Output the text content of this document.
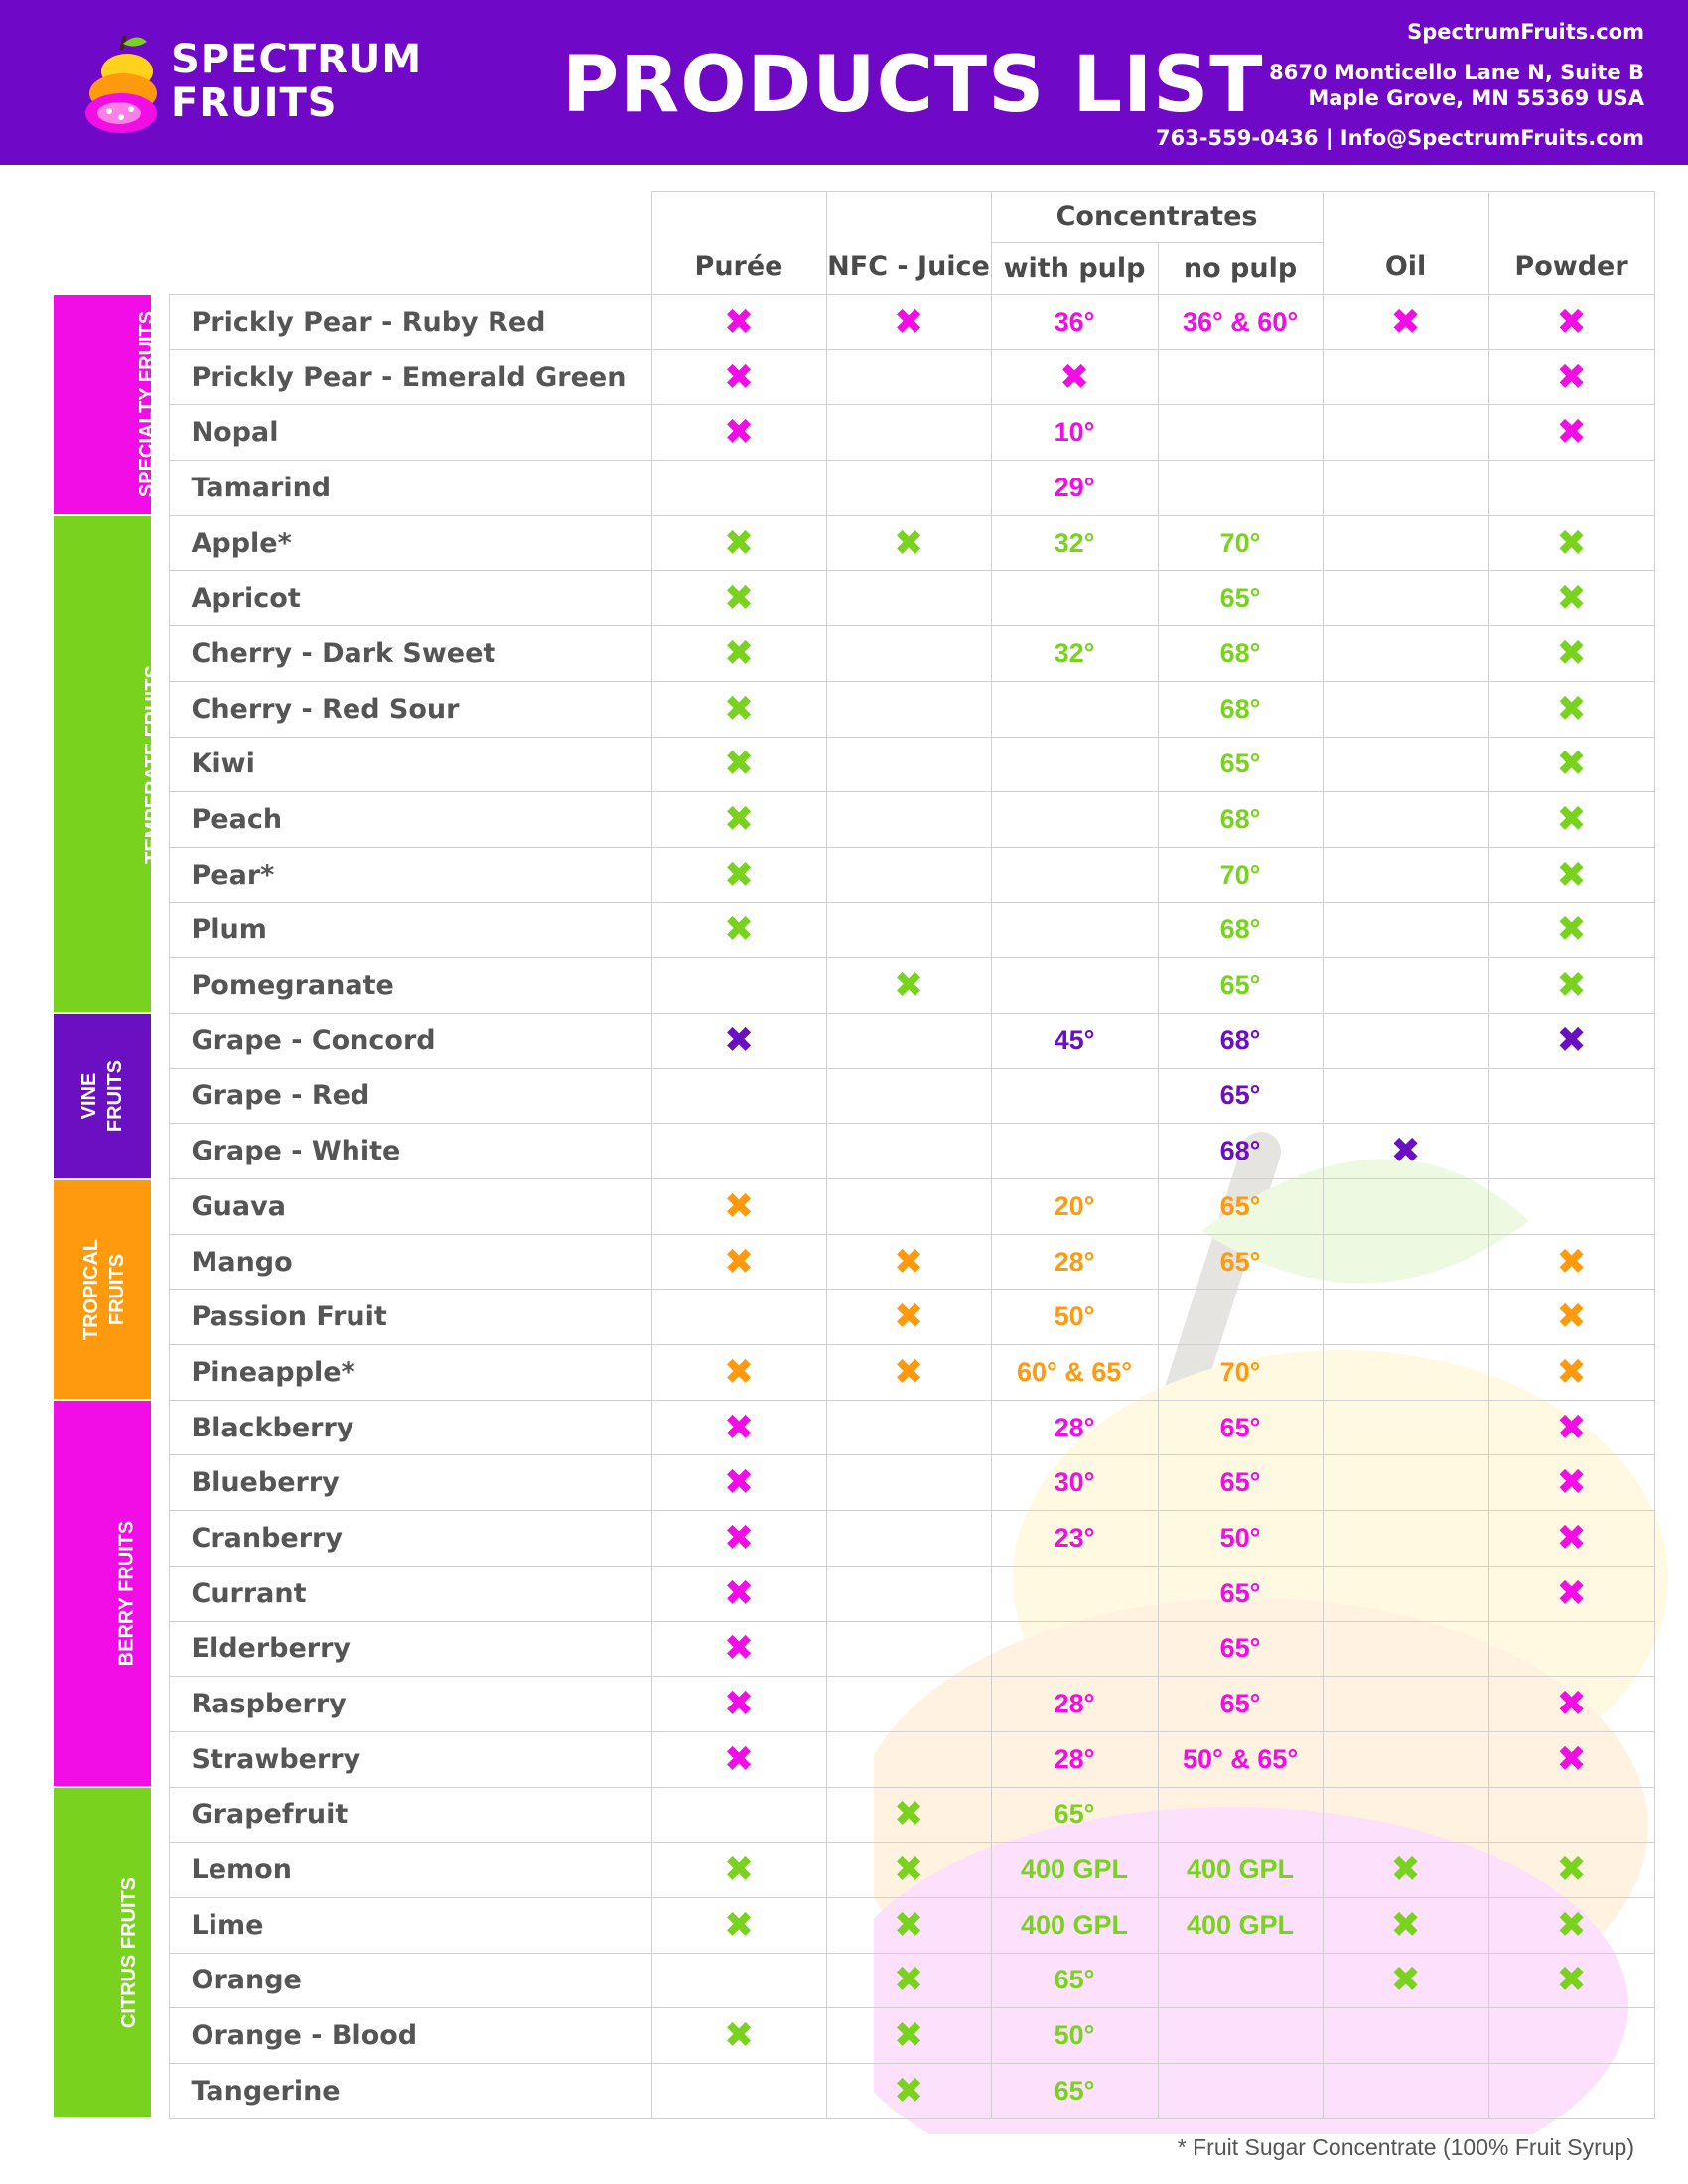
SPECTRUM
FRUITS	PRODUCTS LIST
SpectrumFruits.com
8670 Monticello Lane N, Suite B
Maple Grove, MN 55369 USA
763-559-0436 | Info@SpectrumFruits.com
			Purée	NFC - Juice	Concentrates		Oil	Powder
					with pulp	no pulp		
SPECIALTY FRUITS		Prickly Pear - Ruby Red	✖	✖	36°	36° & 60°	✖	✖
		Prickly Pear - Emerald Green	✖		✖			✖
		Nopal	✖		10°			✖
		Tamarind			29°			
TEMPERATE FRUITS		Apple*	✖	✖	32°	70°		✖
		Apricot	✖			65°		✖
		Cherry - Dark Sweet	✖		32°	68°		✖
		Cherry - Red Sour	✖			68°		✖
		Kiwi	✖			65°		✖
		Peach	✖			68°		✖
		Pear*	✖			70°		✖
		Plum	✖			68°		✖
		Pomegranate		✖		65°		✖

VINE FRUITS		Grape - Concord	✖		45°	68°		✖
		Grape - Red				65°		
		Grape - White				68°	✖	

TROPICAL FRUITS		Guava	✖		20°	65°		
		Mango	✖	✖	28°	65°		✖
		Passion Fruit		✖	50°			✖
		Pineapple*	✖	✖	60° & 65°	70°		✖
BERRY FRUITS		Blackberry	✖		28°	65°		✖
		Blueberry	✖		30°	65°		✖
		Cranberry	✖		23°	50°		✖
		Currant	✖			65°		✖
		Elderberry	✖			65°		
		Raspberry	✖		28°	65°		✖
		Strawberry	✖		28°	50° & 65°		✖
CITRUS FRUITS		Grapefruit		✖	65°			
		Lemon	✖	✖	400 GPL	400 GPL	✖	✖
		Lime	✖	✖	400 GPL	400 GPL	✖	✖
		Orange		✖	65°		✖	✖
		Orange - Blood	✖	✖	50°			
		Tangerine		✖	65°			
* Fruit Sugar Concentrate (100% Fruit Syrup)
